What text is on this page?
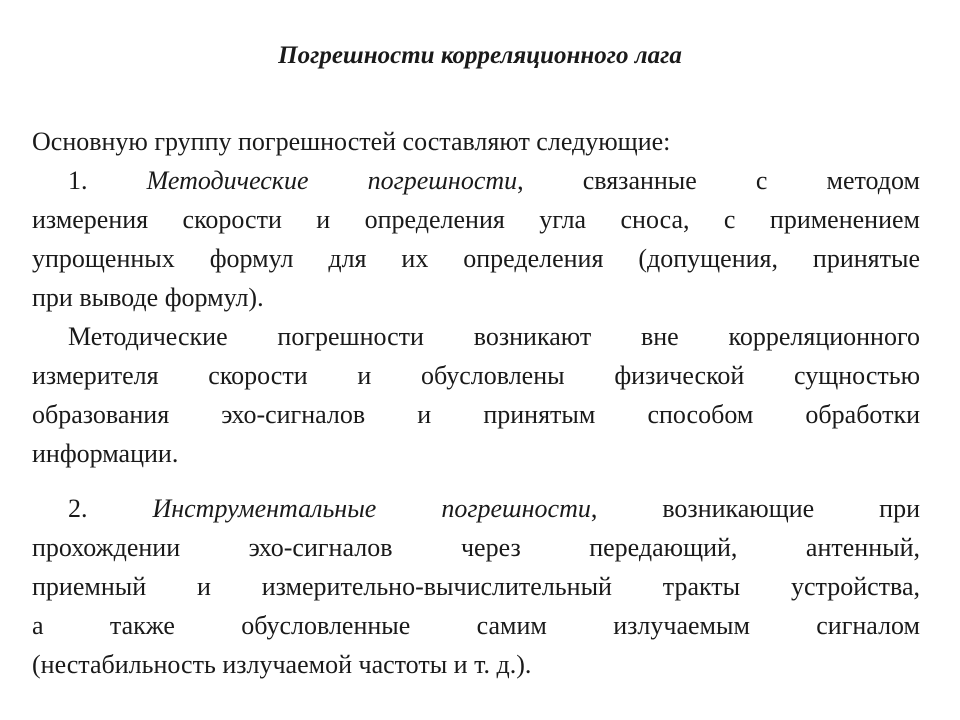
Погрешности корреляционного лага
Основную группу погрешностей составляют следующие:
1. Методические погрешности, связанные с методом
измерения скорости и определения угла сноса, с применением
упрощенных формул для их определения (допущения, принятые
при выводе формул).
Методические погрешности возникают вне корреляционного
измерителя скорости и обусловлены физической сущностью
образования эхо-сигналов и принятым способом обработки
информации.
2. Инструментальные погрешности, возникающие при
прохождении эхо-сигналов через передающий, антенный,
приемный и измерительно-вычислительный тракты устройства,
а также обусловленные самим излучаемым сигналом
(нестабильность излучаемой частоты и т. д.).
